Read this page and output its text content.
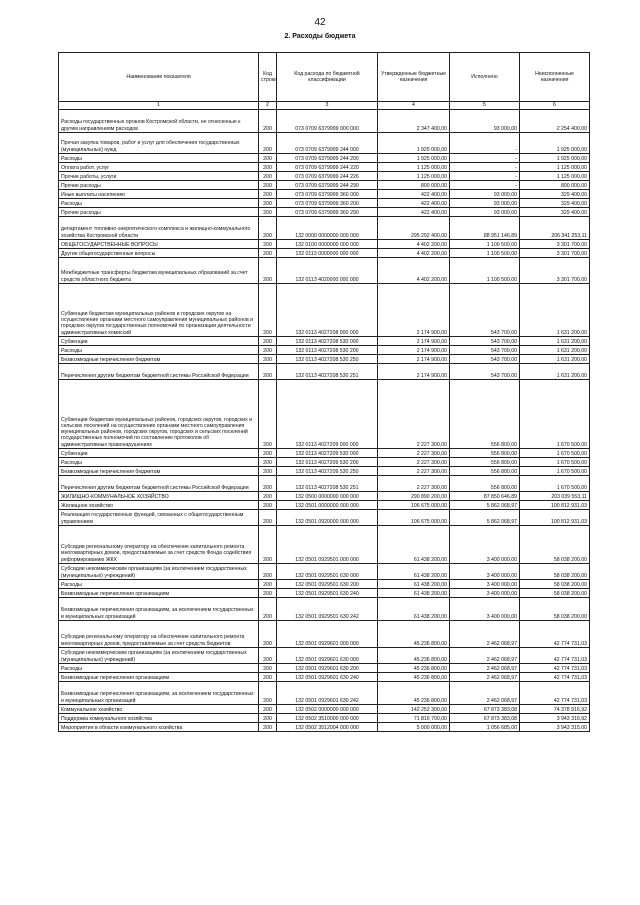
42
2. Расходы бюджета
Наименование показателя	Код строки	Код расхода по бюджетной классификации	Утвержденные бюджетные назначения	Исполнено	Неисполненные назначения
1	2	3	4	5	6
Расходы государственных органов Костромской области, не отнесенные к другим направлениям расходов	200	073 0709 6379999 000 000	2 347 400,00	93 000,00	2 254 400,00
Прочая закупка товаров, работ и услуг для обеспечения государственных (муниципальных) нужд	200	073 0709 6379999 244 000	1 925 000,00	-	1 925 000,00
Расходы	200	073 0709 6379999 244 200	1 925 000,00	-	1 925 000,00
Оплата работ, услуг	200	073 0709 6379999 244 220	1 125 000,00	-	1 125 000,00
Прочие работы, услуги	200	073 0709 6379999 244 226	1 125 000,00	-	1 125 000,00
Прочие расходы	200	073 0709 6379999 244 290	800 000,00	-	800 000,00
Иные выплаты населению	200	073 0709 6379999 360 000	422 400,00	93 000,00	329 400,00
Расходы	200	073 0709 6379999 360 200	422 400,00	93 000,00	329 400,00
Прочие расходы	200	073 0709 6379999 360 290	422 400,00	93 000,00	329 400,00
департамент топливно-энергетического комплекса и жилищно-коммунального хозяйства Костромской области	200	132 0000 0000000 000 000	295 292 400,00	88 951 146,89	206 341 253,11
ОБЩЕГОСУДАРСТВЕННЫЕ ВОПРОСЫ	200	132 0100 0000000 000 000	4 402 200,00	1 100 500,00	3 301 700,00
Другие общегосударственные вопросы	200	132 0113 0000000 000 000	4 402 200,00	1 100 500,00	3 301 700,00
Межбюджетные трансферты бюджетам муниципальных образований за счет средств областного бюджета	200	132 0113 4020000 000 000	4 402 200,00	1 100 500,00	3 301 700,00
Субвенции бюджетам муниципальных районов и городских округов на осуществление органами местного самоуправления муниципальных районов и городских округов государственных полномочий по организации деятельности административных комиссий	200	132 0113 4027208 000 000	2 174 900,00	543 700,00	1 631 200,00
Субвенции	200	132 0113 4027208 530 000	2 174 900,00	543 700,00	1 631 200,00
Расходы	200	132 0113 4027208 530 200	2 174 900,00	543 700,00	1 631 200,00
Безвозмездные перечисления бюджетам	200	132 0113 4027208 530 250	2 174 900,00	543 700,00	1 631 200,00
Перечисления другим бюджетам бюджетной системы Российской Федерации	200	132 0113 4027208 530 251	2 174 900,00	543 700,00	1 631 200,00
Субвенции бюджетам муниципальных районов, городских округов, городских и сельских поселений на осуществление органами местного самоуправления муниципальных районов, городских округов, городских и сельских поселений государственных полномочий по составлению протоколов об административных правонарушениях	200	132 0113 4027209 000 000	2 227 300,00	556 800,00	1 670 500,00
Субвенции	200	132 0113 4027209 530 000	2 227 300,00	556 800,00	1 670 500,00
Расходы	200	132 0113 4027209 530 200	2 227 300,00	556 800,00	1 670 500,00
Безвозмездные перечисления бюджетам	200	132 0113 4027209 530 250	2 227 300,00	556 800,00	1 670 500,00
Перечисления другим бюджетам бюджетной системы Российской Федерации	200	132 0113 4027208 530 251	2 227 300,00	556 800,00	1 670 500,00
ЖИЛИЩНО-КОММУНАЛЬНОЕ ХОЗЯЙСТВО	200	132 0500 0000000 000 000	290 890 200,00	87 850 646,89	203 039 553,11
Жилищное хозяйство	200	132 0501 0000000 000 000	106 675 000,00	5 862 068,97	100 812 931,03
Реализация государственных функций, связанных с общегосударственным управлением	200	132 0501 0920000 000 000	106 675 000,00	5 862 068,97	100 812 931,03
Субсидии региональному оператору на обеспечение капитального ремонта многоквартирных домов, предоставляемые за счет средств Фонда содействия реформированию ЖКХ	200	132 0501 0929501 000 000	61 438 200,00	3 400 000,00	58 038 200,00
Субсидии некоммерческим организациям (за исключением государственных (муниципальных) учреждений)	200	132 0501 0929501 630 000	61 438 200,00	3 400 000,00	58 038 200,00
Расходы	200	132 0501 0929501 630 200	61 438 200,00	3 400 000,00	58 038 200,00
Безвозмездные перечисления организациям	200	132 0501 0929501 630 240	61 438 200,00	3 400 000,00	58 038 200,00
Безвозмездные перечисления организациям, за исключением государственных и муниципальных организаций	200	132 0501 0929501 630 242	61 438 200,00	3 400 000,00	58 038 200,00
Субсидии региональному оператору на обеспечение капитального ремонта многоквартирных домов, предоставляемые за счет средств бюджетов	200	132 0501 0929601 000 000	45 236 800,00	2 462 068,97	42 774 731,03
Субсидии некоммерческим организациям (за исключением государственных (муниципальных) учреждений)	200	132 0501 0929601 630 000	45 236 800,00	2 462 068,97	42 774 731,03
Расходы	200	132 0501 0929601 630 200	45 236 800,00	2 462 068,97	42 774 731,03
Безвозмездные перечисления организациям	200	132 0501 0929601 630 240	45 236 800,00	2 462 068,97	42 774 731,03
Безвозмездные перечисления организациям, за исключением государственных и муниципальных организаций	200	132 0501 0929601 630 242	45 236 800,00	2 462 068,97	42 774 731,03
Коммунальное хозяйство	200	132 0502 0000000 000 000	142 252 300,00	67 873 383,08	74 378 916,92
Поддержка коммунального хозяйства	200	132 0502 3510000 000 000	71 816 700,00	67 873 383,08	3 943 316,92
Мероприятия в области коммунального хозяйства	200	132 0502 3512004 000 000	5 000 000,00	1 056 685,00	3 943 315,00
